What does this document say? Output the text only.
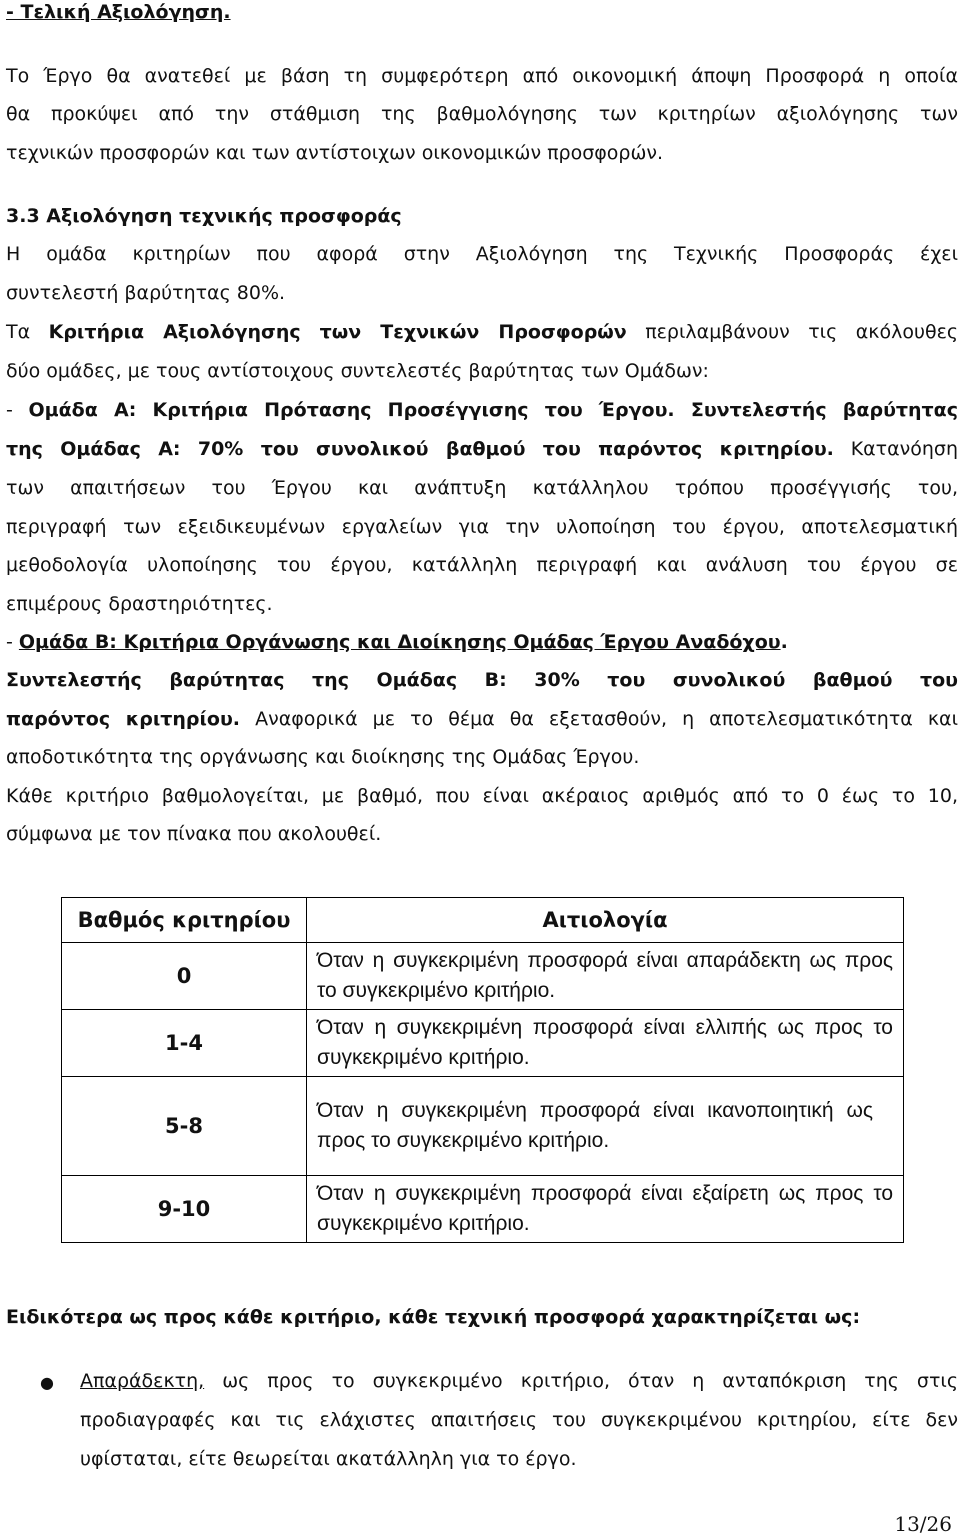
- Τελική Αξιολόγηση.
Το Έργο θα ανατεθεί με βάση τη συμφερότερη από οικονομική άποψη Προσφορά η οποία
θα προκύψει από την στάθμιση της βαθμολόγησης των κριτηρίων αξιολόγησης των
τεχνικών προσφορών και των αντίστοιχων οικονομικών προσφορών.
3.3 Αξιολόγηση τεχνικής προσφοράς
Η ομάδα κριτηρίων που αφορά στην Αξιολόγηση της Τεχνικής Προσφοράς έχει
συντελεστή βαρύτητας 80%.
Τα Κριτήρια Αξιολόγησης των Τεχνικών Προσφορών περιλαμβάνουν τις ακόλουθες
δύο ομάδες, με τους αντίστοιχους συντελεστές βαρύτητας των Ομάδων:
- Ομάδα Α: Κριτήρια Πρότασης Προσέγγισης του Έργου. Συντελεστής βαρύτητας
της Ομάδας Α: 70% του συνολικού βαθμού του παρόντος κριτηρίου. Κατανόηση
των απαιτήσεων του Έργου και ανάπτυξη κατάλληλου τρόπου προσέγγισής του,
περιγραφή των εξειδικευμένων εργαλείων για την υλοποίηση του έργου, αποτελεσματική
μεθοδολογία υλοποίησης του έργου, κατάλληλη περιγραφή και ανάλυση του έργου σε
επιμέρους δραστηριότητες.
- Ομάδα Β: Κριτήρια Οργάνωσης και Διοίκησης Ομάδας Έργου Αναδόχου.
Συντελεστής βαρύτητας της Ομάδας Β: 30% του συνολικού βαθμού του
παρόντος κριτηρίου. Αναφορικά με το θέμα θα εξετασθούν, η αποτελεσματικότητα και
αποδοτικότητα της οργάνωσης και διοίκησης της Ομάδας Έργου.
Κάθε κριτήριο βαθμολογείται, με βαθμό, που είναι ακέραιος αριθμός από το 0 έως το 10,
σύμφωνα με τον πίνακα που ακολουθεί.
Βαθμός κριτηρίου	Αιτιολογία
0	Όταν η συγκεκριμένη προσφορά είναι απαράδεκτη ως προς το συγκεκριμένο κριτήριο.
1-4	Όταν η συγκεκριμένη προσφορά είναι ελλιπής ως προς το συγκεκριμένο κριτήριο.
5-8	Όταν η συγκεκριμένη προσφορά είναι ικανοποιητική ως προς το συγκεκριμένο κριτήριο.
9-10	Όταν η συγκεκριμένη προσφορά είναι εξαίρετη ως προς το συγκεκριμένο κριτήριο.
Ειδικότερα ως προς κάθε κριτήριο, κάθε τεχνική προσφορά χαρακτηρίζεται ως:
● Απαράδεκτη, ως προς το συγκεκριμένο κριτήριο, όταν η ανταπόκριση της στις
προδιαγραφές και τις ελάχιστες απαιτήσεις του συγκεκριμένου κριτηρίου, είτε δεν
υφίσταται, είτε θεωρείται ακατάλληλη για το έργο.
13/26
